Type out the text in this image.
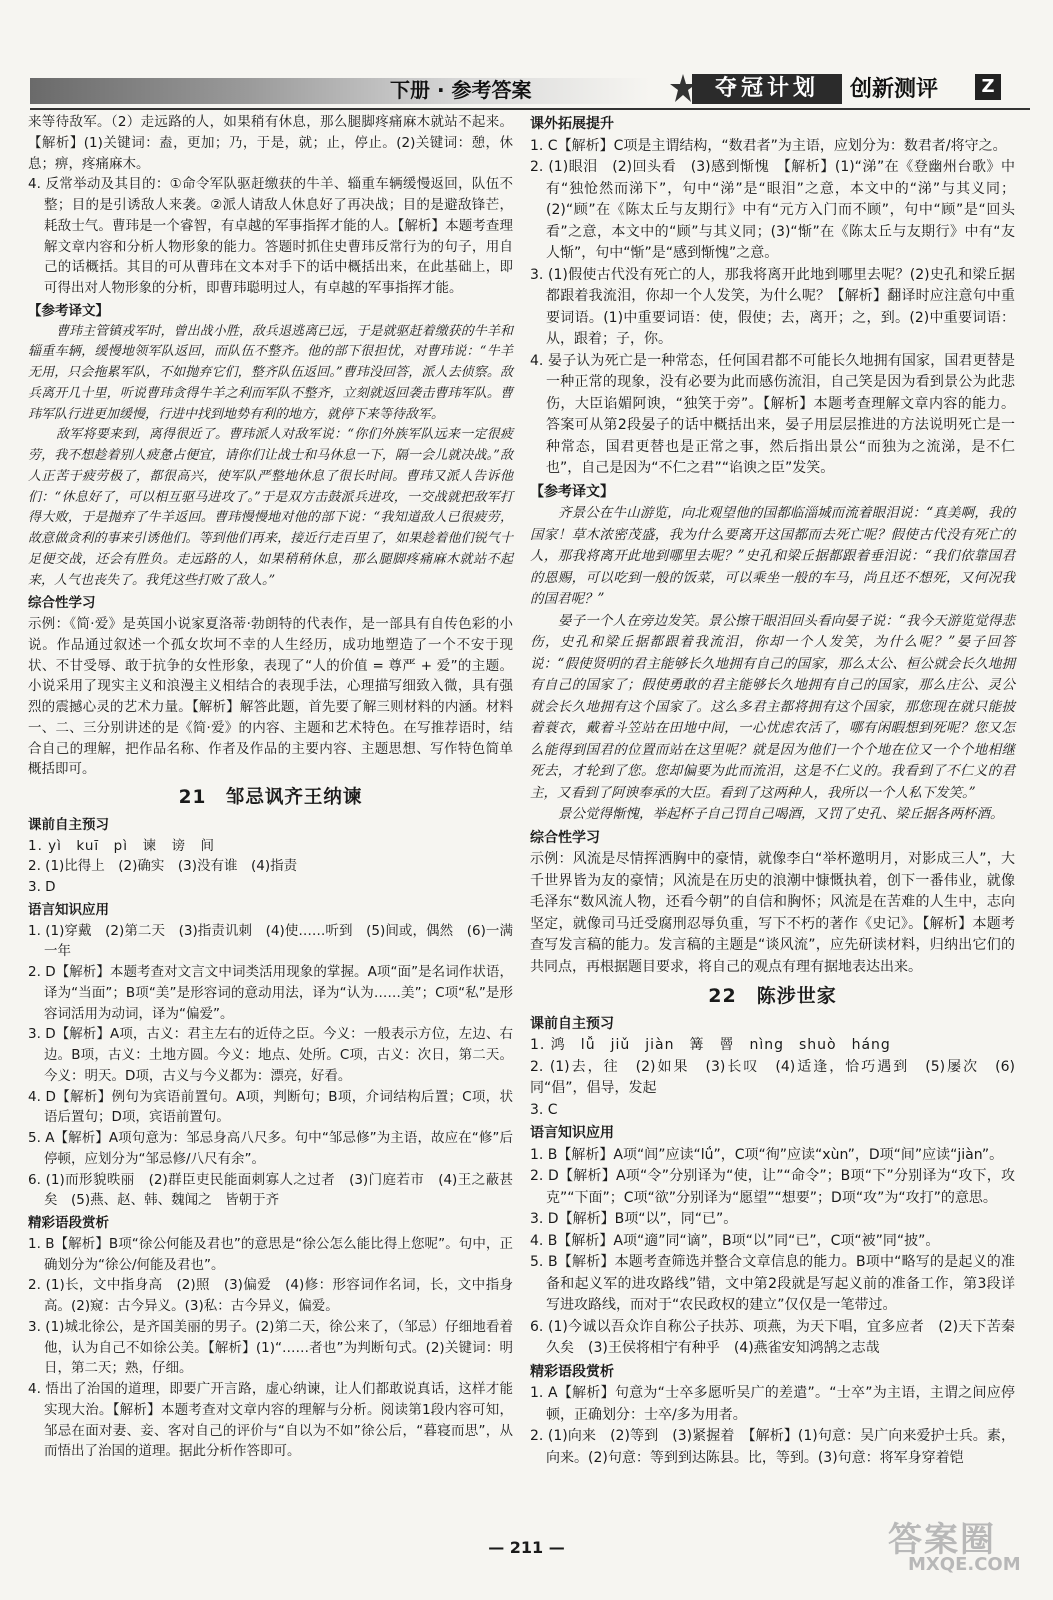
下册 · 参考答案	夺冠计划	创新测评	Z

来等待敌军。（2）走远路的人，如果稍有休息，那么腿脚疼痛麻木就站不起来。【解析】(1)关键词：盍，更加；乃，于是，就；止，停止。(2)关键词：憩，休息；痹，疼痛麻木。

4. 反常举动及其目的：①命令军队驱赶缴获的牛羊、辎重车辆缓慢返回，队伍不整；目的是引诱敌人来袭。②派人请敌人休息好了再决战；目的是避敌锋芒，耗敌士气。曹玮是一个睿智，有卓越的军事指挥才能的人。【解析】本题考查理解文章内容和分析人物形象的能力。答题时抓住史曹玮反常行为的句子，用自己的话概括。其目的可从曹玮在文本对手下的话中概括出来，在此基础上，即可得出对人物形象的分析，即曹玮聪明过人，有卓越的军事指挥才能。

【参考译文】

曹玮主管镇戎军时，曾出战小胜，敌兵退逃离已远，于是就驱赶着缴获的牛羊和辎重车辆，缓慢地领军队返回，而队伍不整齐。他的部下很担忧，对曹玮说：“牛羊无用，只会拖累军队，不如抛弃它们，整齐队伍返回。”曹玮没回答，派人去侦察。敌兵离开几十里，听说曹玮贪得牛羊之利而军队不整齐，立刻就返回袭击曹玮军队。曹玮军队行进更加缓慢，行进中找到地势有利的地方，就停下来等待敌军。

敌军将要来到，离得很近了。曹玮派人对敌军说：“你们外族军队远来一定很疲劳，我不想趁着别人疲惫占便宜，请你们让战士和马休息一下，隔一会儿就决战。”敌人正苦于疲劳极了，都很高兴，使军队严整地休息了很长时间。曹玮又派人告诉他们：“休息好了，可以相互驱马进攻了。”于是双方击鼓派兵进攻，一交战就把敌军打得大败，于是抛弃了牛羊返回。曹玮慢慢地对他的部下说：“我知道敌人已很疲劳，故意做贪利的事来引诱他们。等到他们再来，接近行走百里了，如果趁着他们锐气十足便交战，还会有胜负。走远路的人，如果稍稍休息，那么腿脚疼痛麻木就站不起来，人气也丧失了。我凭这些打败了敌人。”

综合性学习

示例：《简·爱》是英国小说家夏洛蒂·勃朗特的代表作，是一部具有自传色彩的小说。作品通过叙述一个孤女坎坷不幸的人生经历，成功地塑造了一个不安于现状、不甘受辱、敢于抗争的女性形象，表现了“人的价值 = 尊严 + 爱”的主题。小说采用了现实主义和浪漫主义相结合的表现手法，心理描写细致入微，具有强烈的震撼心灵的艺术力量。【解析】解答此题，首先要了解三则材料的内涵。材料一、二、三分别讲述的是《简·爱》的内容、主题和艺术特色。在写推荐语时，结合自己的理解，把作品名称、作者及作品的主要内容、主题思想、写作特色简单概括即可。

21　邹忌讽齐王纳谏

课前自主预习

1. yì　kuī　pì　谏　谤　间

2. (1)比得上　(2)确实　(3)没有谁　(4)指责

3. D

语言知识应用

1. (1)穿戴　(2)第二天　(3)指责讥刺　(4)使……听到　(5)间或，偶然　(6)一满一年

2. D【解析】本题考查对文言文中词类活用现象的掌握。A项“面”是名词作状语，译为“当面”；B项“美”是形容词的意动用法，译为“认为……美”；C项“私”是形容词活用为动词，译为“偏爱”。

3. D【解析】A项，古义：君主左右的近侍之臣。今义：一般表示方位，左边、右边。B项，古义：土地方圆。今义：地点、处所。C项，古义：次日，第二天。今义：明天。D项，古义与今义都为：漂亮，好看。

4. D【解析】例句为宾语前置句。A项，判断句；B项，介词结构后置；C项，状语后置句；D项，宾语前置句。

5. A【解析】A项句意为：邹忌身高八尺多。句中“邹忌修”为主语，故应在“修”后停顿，应划分为“邹忌修/八尺有余”。

6. (1)而形貌昳丽　(2)群臣吏民能面刺寡人之过者　(3)门庭若市　(4)王之蔽甚矣　(5)燕、赵、韩、魏闻之　皆朝于齐

精彩语段赏析

1. B【解析】B项“徐公何能及君也”的意思是“徐公怎么能比得上您呢”。句中，正确划分为“徐公/何能及君也”。

2. (1)长，文中指身高　(2)照　(3)偏爱　(4)修：形容词作名词，长，文中指身高。(2)窥：古今异义。(3)私：古今异义，偏爱。

3. (1)城北徐公，是齐国美丽的男子。(2)第二天，徐公来了，（邹忌）仔细地看着他，认为自己不如徐公美。【解析】(1)“……者也”为判断句式。(2)关键词：明日，第二天；熟，仔细。

4. 悟出了治国的道理，即要广开言路，虚心纳谏，让人们都敢说真话，这样才能实现大治。【解析】本题考查对文章内容的理解与分析。阅读第1段内容可知，邹忌在面对妻、妾、客对自己的评价与“自以为不如”徐公后，“暮寝而思”，从而悟出了治国的道理。据此分析作答即可。

课外拓展提升

1. C【解析】C项是主谓结构，“数君者”为主语，应划分为：数君者/将守之。

2. (1)眼泪　(2)回头看　(3)感到惭愧　【解析】(1)“涕”在《登幽州台歌》中有“独怆然而涕下”，句中“涕”是“眼泪”之意，本文中的“涕”与其义同；(2)“顾”在《陈太丘与友期行》中有“元方入门而不顾”，句中“顾”是“回头看”之意，本文中的“顾”与其义同；(3)“惭”在《陈太丘与友期行》中有“友人惭”，句中“惭”是“感到惭愧”之意。

3. (1)假使古代没有死亡的人，那我将离开此地到哪里去呢？(2)史孔和梁丘据都跟着我流泪，你却一个人发笑，为什么呢？【解析】翻译时应注意句中重要词语。(1)中重要词语：使，假使；去，离开；之，到。(2)中重要词语：从，跟着；子，你。

4. 晏子认为死亡是一种常态，任何国君都不可能长久地拥有国家，国君更替是一种正常的现象，没有必要为此而感伤流泪，自己笑是因为看到景公为此悲伤，大臣谄媚阿谀，“独笑于旁”。【解析】本题考查理解文章内容的能力。答案可从第2段晏子的话中概括出来，晏子用层层推进的方法说明死亡是一种常态，国君更替也是正常之事，然后指出景公“而独为之流涕，是不仁也”，自己是因为“不仁之君”“谄谀之臣”发笑。

【参考译文】

齐景公在牛山游览，向北观望他的国都临淄城而流着眼泪说：“真美啊，我的国家！草木浓密茂盛，我为什么要离开这国都而去死亡呢？假使古代没有死亡的人，那我将离开此地到哪里去呢？”史孔和梁丘据都跟着垂泪说：“我们依靠国君的恩赐，可以吃到一般的饭菜，可以乘坐一般的车马，尚且还不想死，又何况我的国君呢？”

晏子一个人在旁边发笑。景公擦干眼泪回头看向晏子说：“我今天游览觉得悲伤，史孔和梁丘据都跟着我流泪，你却一个人发笑，为什么呢？”晏子回答说：“假使贤明的君主能够长久地拥有自己的国家，那么太公、桓公就会长久地拥有自己的国家了；假使勇敢的君主能够长久地拥有自己的国家，那么庄公、灵公就会长久地拥有这个国家了。这么多君主都将拥有这个国家，那您现在就只能披着蓑衣，戴着斗笠站在田地中间，一心忧虑农活了，哪有闲暇想到死呢？您又怎么能得到国君的位置而站在这里呢？就是因为他们一个个地在位又一个个地相继死去，才轮到了您。您却偏要为此而流泪，这是不仁义的。我看到了不仁义的君主，又看到了阿谀奉承的大臣。看到了这两种人，我所以一个人私下发笑。”

景公觉得惭愧，举起杯子自己罚自己喝酒，又罚了史孔、梁丘据各两杯酒。

综合性学习

示例：风流是尽情挥洒胸中的豪情，就像李白“举杯邀明月，对影成三人”，大千世界皆为友的豪情；风流是在历史的浪潮中慷慨执着，创下一番伟业，就像毛泽东“数风流人物，还看今朝”的自信和胸怀；风流是在苦难的人生中，志向坚定，就像司马迁受腐刑忍辱负重，写下不朽的著作《史记》。【解析】本题考查写发言稿的能力。发言稿的主题是“谈风流”，应先研读材料，归纳出它们的共同点，再根据题目要求，将自己的观点有理有据地表达出来。

22　陈涉世家

课前自主预习

1. 鸿　lǚ　jiǔ　jiàn　篝　罾　nìng　shuò　háng

2. (1)去，往　(2)如果　(3)长叹　(4)适逢，恰巧遇到　(5)屡次　(6)同“倡”，倡导，发起

3. C

语言知识应用

1. B【解析】A项“闾”应读“lǘ”，C项“徇”应读“xùn”，D项“间”应读“jiàn”。

2. D【解析】A项“令”分别译为“使，让”“命令”；B项“下”分别译为“攻下，攻克”“下面”；C项“欲”分别译为“愿望”“想要”；D项“攻”为“攻打”的意思。

3. D【解析】B项“以”，同“已”。

4. B【解析】A项“適”同“谪”，B项“以”同“已”，C项“被”同“披”。

5. B【解析】本题考查筛选并整合文章信息的能力。B项中“略写的是起义的准备和起义军的进攻路线”错，文中第2段就是写起义前的准备工作，第3段详写进攻路线，而对于“农民政权的建立”仅仅是一笔带过。

6. (1)今诚以吾众诈自称公子扶苏、项燕，为天下唱，宜多应者　(2)天下苦秦久矣　(3)王侯将相宁有种乎　(4)燕雀安知鸿鹄之志哉

精彩语段赏析

1. A【解析】句意为“士卒多愿听吴广的差遣”。“士卒”为主语，主谓之间应停顿，正确划分：士卒/多为用者。

2. (1)向来　(2)等到　(3)紧握着　【解析】(1)句意：吴广向来爱护士兵。素，向来。(2)句意：等到到达陈县。比，等到。(3)句意：将军身穿着铠

— 211 —	答案圈
MXQE.COM
